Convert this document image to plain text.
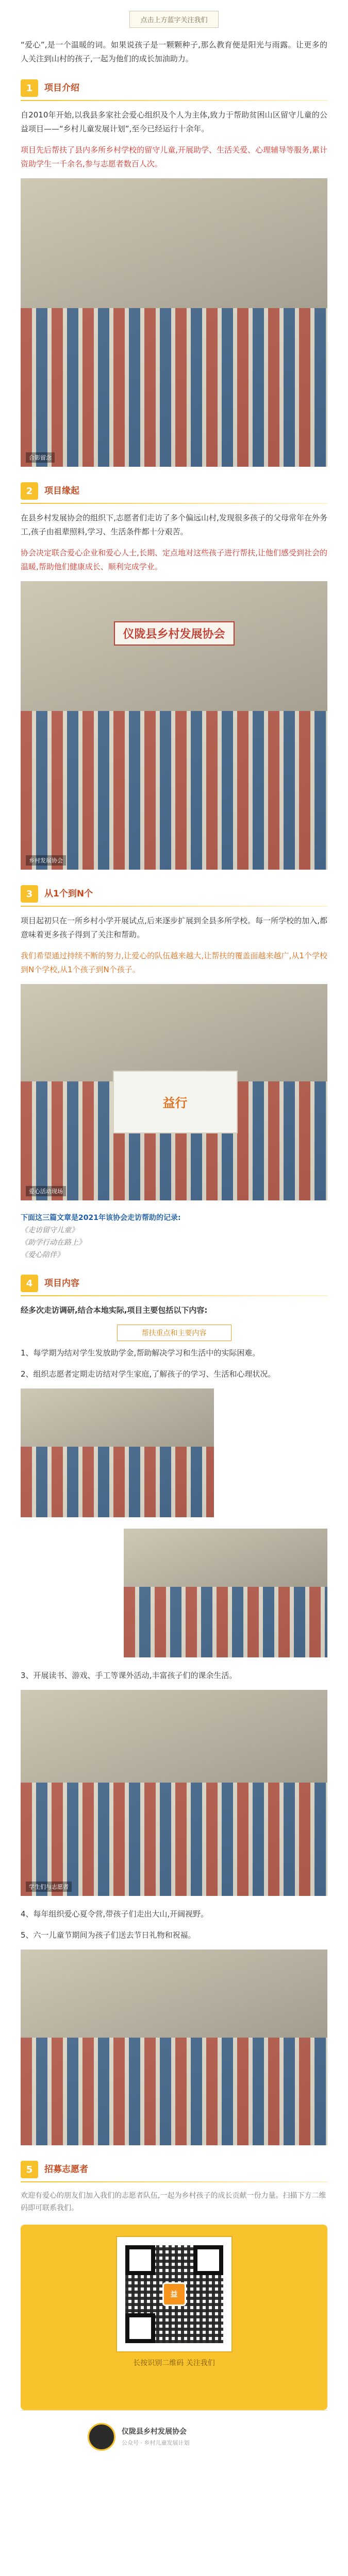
点击上方蓝字关注我们

“爱心”,是一个温暖的词。如果说孩子是一颗颗种子,那么教育便是阳光与雨露。让更多的人关注到山村的孩子,一起为他们的成长加油助力。

1	项目介绍

自2010年开始,以我县多家社会爱心组织及个人为主体,致力于帮助贫困山区留守儿童的公益项目——“乡村儿童发展计划”,至今已经运行十余年。

项目先后帮扶了县内多所乡村学校的留守儿童,开展助学、生活关爱、心理辅导等服务,累计资助学生一千余名,参与志愿者数百人次。

合影留念
2	项目缘起

在县乡村发展协会的组织下,志愿者们走访了多个偏远山村,发现很多孩子的父母常年在外务工,孩子由祖辈照料,学习、生活条件都十分艰苦。

协会决定联合爱心企业和爱心人士,长期、定点地对这些孩子进行帮扶,让他们感受到社会的温暖,帮助他们健康成长、顺利完成学业。

仪陇县乡村发展协会
乡村发展协会
3	从1个到N个

项目起初只在一所乡村小学开展试点,后来逐步扩展到全县多所学校。每一所学校的加入,都意味着更多孩子得到了关注和帮助。

我们希望通过持续不断的努力,让爱心的队伍越来越大,让帮扶的覆盖面越来越广,从1个学校到N个学校,从1个孩子到N个孩子。

益行
爱心活动现场
下面这三篇文章是2021年该协会走访帮助的记录:
《走访留守儿童》
《助学行动在路上》
《爱心陪伴》
4	项目内容

经多次走访调研,结合本地实际,项目主要包括以下内容:

帮扶重点和主要内容

1、每学期为结对学生发放助学金,帮助解决学习和生活中的实际困难。

2、组织志愿者定期走访结对学生家庭,了解孩子的学习、生活和心理状况。

3、开展读书、游戏、手工等课外活动,丰富孩子们的课余生活。

学生们与志愿者

4、每年组织爱心夏令营,带孩子们走出大山,开阔视野。

5、六一儿童节期间为孩子们送去节日礼物和祝福。

5	招募志愿者
欢迎有爱心的朋友们加入我们的志愿者队伍,一起为乡村孩子的成长贡献一份力量。扫描下方二维码即可联系我们。
益
长按识别二维码 关注我们
仪陇县乡村发展协会
公众号 · 乡村儿童发展计划
